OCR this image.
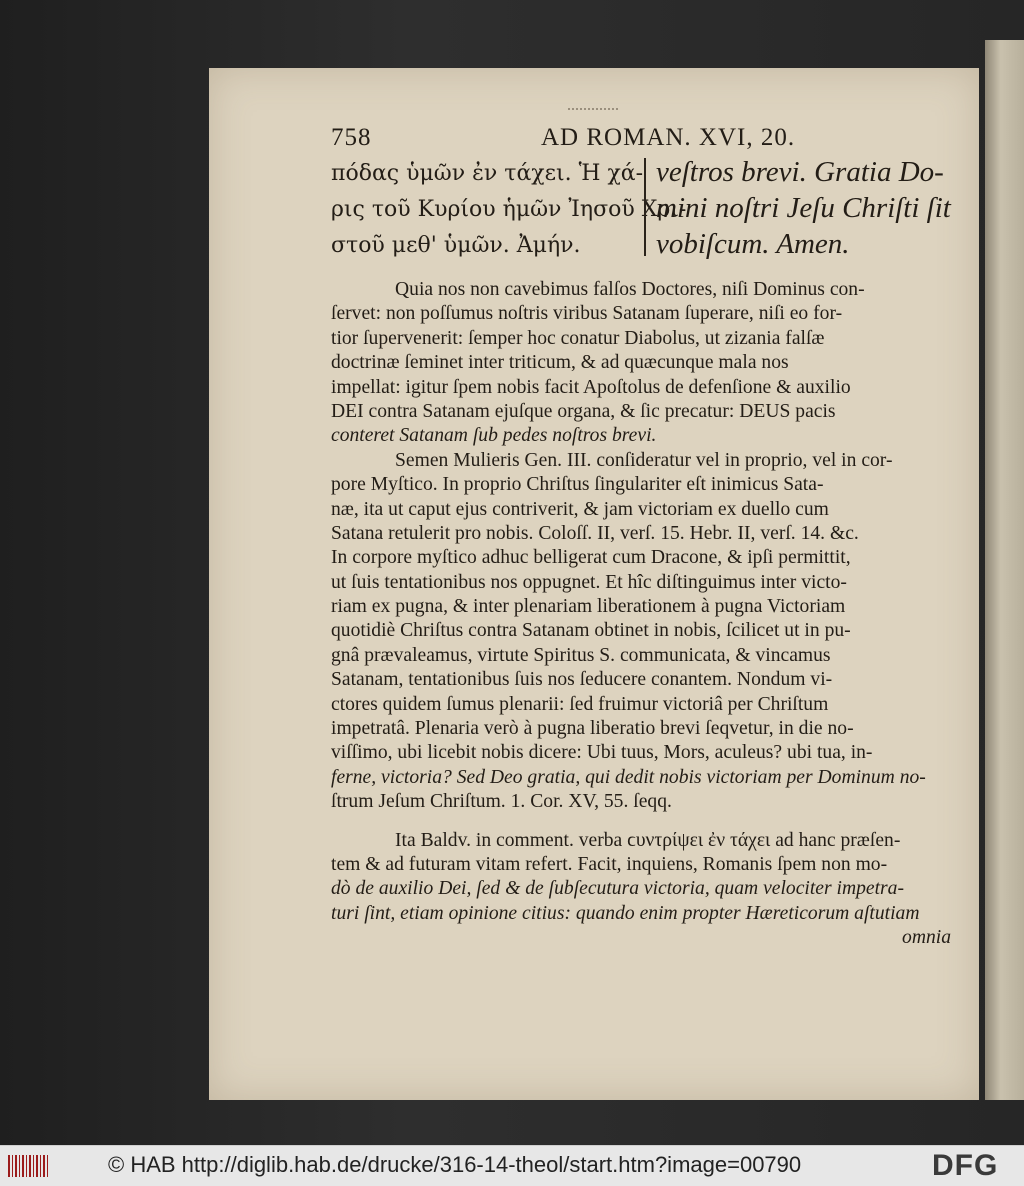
758	AD ROMAN. XVI, 20.
πόδας ὑμῶν ἐν τάχει. Ἡ χά-
ρις τοῦ Κυρίου ἡμῶν Ἰησοῦ Χρι-
στοῦ μεθ' ὑμῶν. Ἀμήν.
veſtros brevi. Gratia Do-
mini noſtri Jeſu Chriſti ſit
vobiſcum. Amen.
Quia nos non cavebimus falſos Doctores, niſi Dominus con-
ſervet: non poſſumus noſtris viribus Satanam ſuperare, niſi eo for-
tior ſupervenerit: ſemper hoc conatur Diabolus, ut zizania falſæ
doctrinæ ſeminet inter triticum, & ad quæcunque mala nos
impellat: igitur ſpem nobis facit Apoſtolus de defenſione & auxilio
DEI contra Satanam ejuſque organa, & ſic precatur: DEUS pacis
conteret Satanam ſub pedes noſtros brevi.
Semen Mulieris Gen. III. conſideratur vel in proprio, vel in cor-
pore Myſtico. In proprio Chriſtus ſingulariter eſt inimicus Sata-
næ, ita ut caput ejus contriverit, & jam victoriam ex duello cum
Satana retulerit pro nobis. Coloſſ. II, verſ. 15. Hebr. II, verſ. 14. &c.
In corpore myſtico adhuc belligerat cum Dracone, & ipſi permittit,
ut ſuis tentationibus nos oppugnet. Et hîc diſtinguimus inter victo-
riam ex pugna, & inter plenariam liberationem à pugna Victoriam
quotidiè Chriſtus contra Satanam obtinet in nobis, ſcilicet ut in pu-
gnâ prævaleamus, virtute Spiritus S. communicata, & vincamus
Satanam, tentationibus ſuis nos ſeducere conantem. Nondum vi-
ctores quidem ſumus plenarii: ſed fruimur victoriâ per Chriſtum
impetratâ. Plenaria verò à pugna liberatio brevi ſeqvetur, in die no-
viſſimo, ubi licebit nobis dicere: Ubi tuus, Mors, aculeus? ubi tua, in-
ferne, victoria? Sed Deo gratia, qui dedit nobis victoriam per Dominum no-
ſtrum Jeſum Chriſtum. 1. Cor. XV, 55. ſeqq.
Ita Baldv. in comment. verba ϲυντρίψει ἐν τάχει ad hanc præſen-
tem & ad futuram vitam refert. Facit, inquiens, Romanis ſpem non mo-
dò de auxilio Dei, ſed & de ſubſecutura victoria, quam velociter impetra-
turi ſint, etiam opinione citius: quando enim propter Hæreticorum aſtutiam
omnia
© HAB http://diglib.hab.de/drucke/316-14-theol/start.htm?image=00790	DFG
